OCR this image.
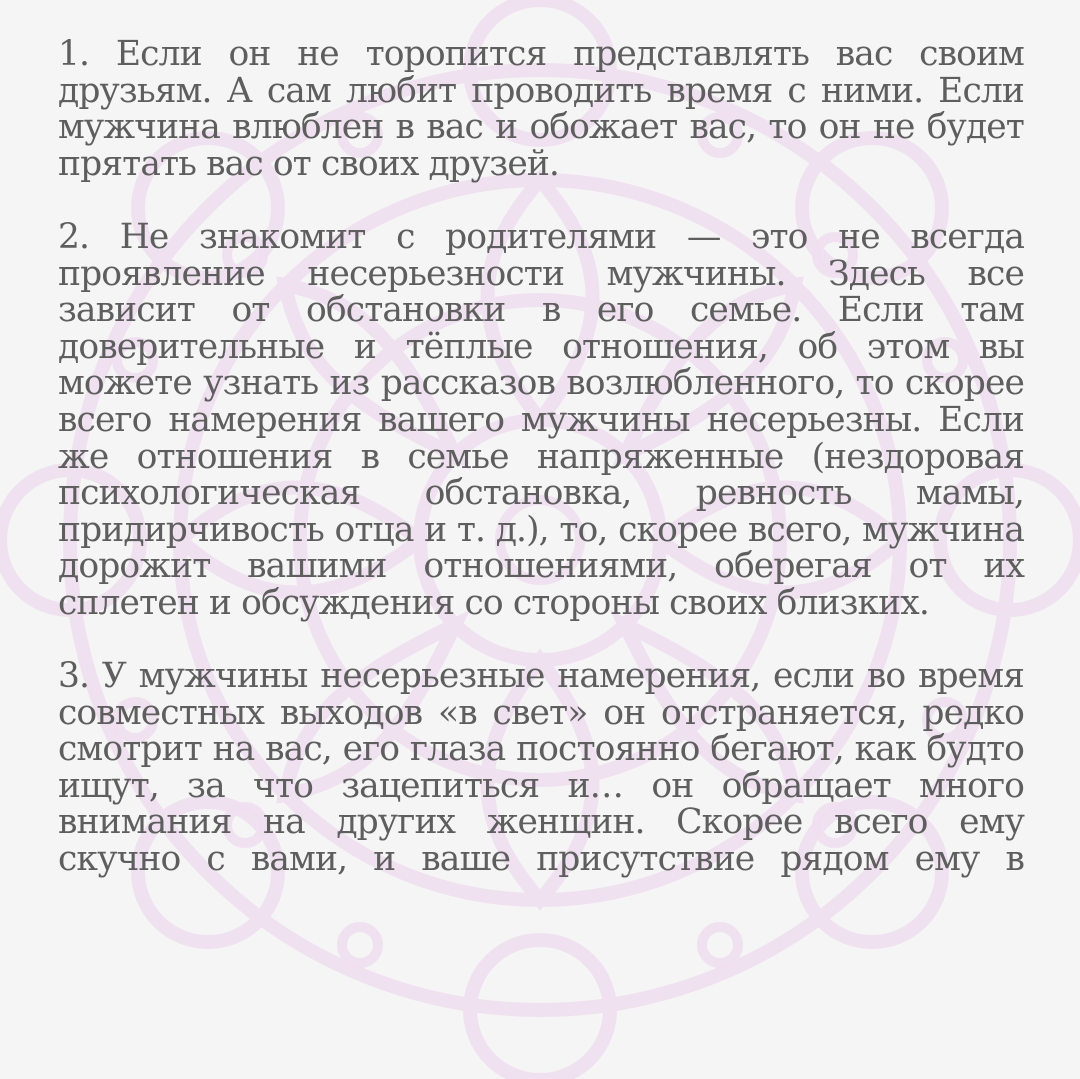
1. Если он не торопится представлять вас своим друзьям. А сам любит проводить время с ними. Если мужчина влюблен в вас и обожает вас, то он не будет прятать вас от своих друзей.

2. Не знакомит с родителями — это не всегда проявление несерьезности мужчины. Здесь все зависит от обстановки в его семье. Если там доверительные и тёплые отношения, об этом вы можете узнать из рассказов возлюбленного, то скорее всего намерения вашего мужчины несерьезны. Если же отношения в семье напряженные (нездоровая психологическая обстановка, ревность мамы, придирчивость отца и т. д.), то, скорее всего, мужчина дорожит вашими отношениями, оберегая от их сплетен и обсуждения со стороны своих близких.

3. У мужчины несерьезные намерения, если во время совместных выходов «в свет» он отстраняется, редко смотрит на вас, его глаза постоянно бегают, как будто ищут, за что зацепиться и… он обращает много внимания на других женщин. Скорее всего ему скучно с вами, и ваше присутствие рядом ему в
